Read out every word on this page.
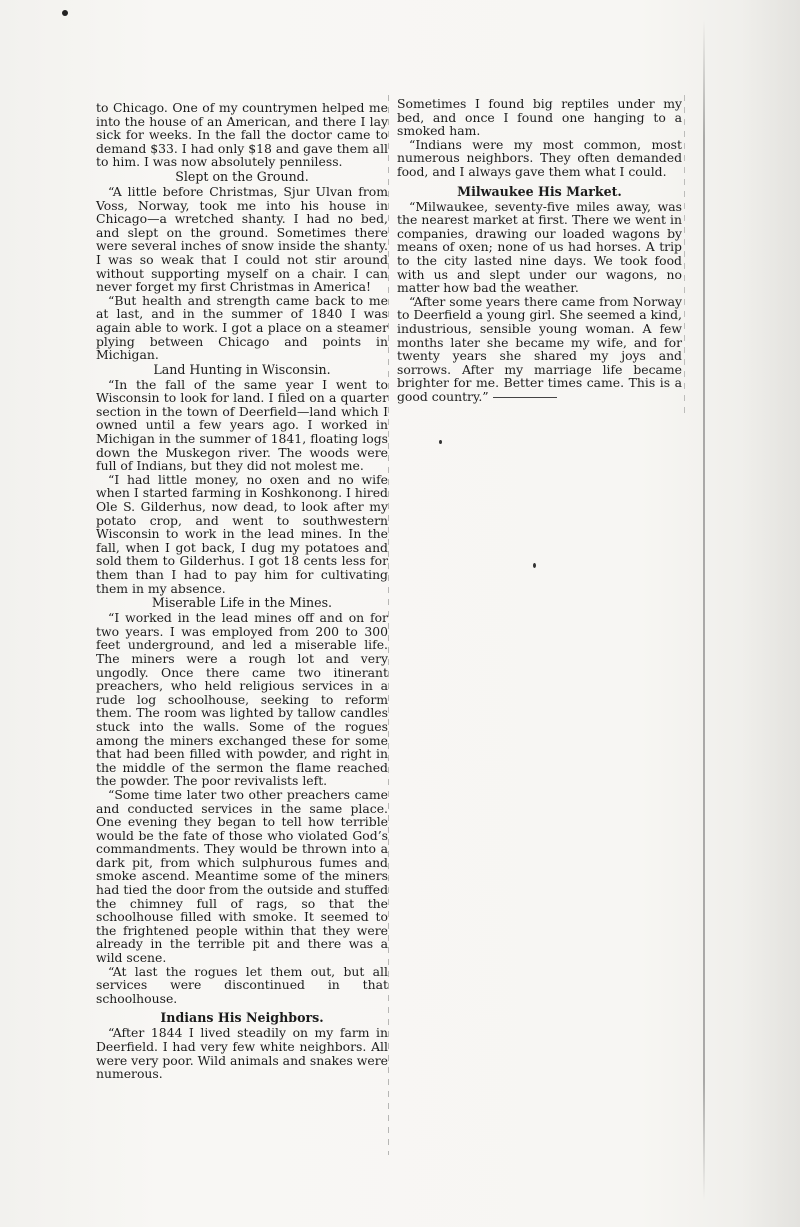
to Chicago. One of my countrymen helped me into the house of an American, and there I lay sick for weeks. In the fall the doctor came to demand $33. I had only $18 and gave them all to him. I was now absolutely penniless.

Slept on the Ground.

“A little before Christmas, Sjur Ulvan from Voss, Norway, took me into his house in Chicago—a wretched shanty. I had no bed, and slept on the ground. Sometimes there were several inches of snow inside the shanty. I was so weak that I could not stir around without supporting myself on a chair. I can never forget my first Christmas in America!

“But health and strength came back to me at last, and in the summer of 1840 I was again able to work. I got a place on a steamer plying between Chicago and points in Michigan.

Land Hunting in Wisconsin.

“In the fall of the same year I went to Wisconsin to look for land. I filed on a quarter section in the town of Deerfield—land which I owned until a few years ago. I worked in Michigan in the summer of 1841, floating logs down the Muskegon river. The woods were full of Indians, but they did not molest me.

“I had little money, no oxen and no wife when I started farming in Koshkonong. I hired Ole S. Gilderhus, now dead, to look after my potato crop, and went to southwestern Wisconsin to work in the lead mines. In the fall, when I got back, I dug my potatoes and sold them to Gilderhus. I got 18 cents less for them than I had to pay him for cultivating them in my absence.

Miserable Life in the Mines.

“I worked in the lead mines off and on for two years. I was employed from 200 to 300 feet underground, and led a miserable life. The miners were a rough lot and very ungodly. Once there came two itinerant preachers, who held religious services in a rude log schoolhouse, seeking to reform them. The room was lighted by tallow candles stuck into the walls. Some of the rogues among the miners exchanged these for some that had been filled with powder, and right in the middle of the sermon the flame reached the powder. The poor revivalists left.

“Some time later two other preachers came and conducted services in the same place. One evening they began to tell how terrible would be the fate of those who violated God’s commandments. They would be thrown into a dark pit, from which sulphurous fumes and smoke ascend. Meantime some of the miners had tied the door from the outside and stuffed the chimney full of rags, so that the schoolhouse filled with smoke. It seemed to the frightened people within that they were already in the terrible pit and there was a wild scene.

“At last the rogues let them out, but all services were discontinued in that schoolhouse.

Indians His Neighbors.

“After 1844 I lived steadily on my farm in Deerfield. I had very few white neighbors. All were very poor. Wild animals and snakes were numerous.

Sometimes I found big reptiles under my bed, and once I found one hanging to a smoked ham.

“Indians were my most common, most numerous neighbors. They often demanded food, and I always gave them what I could.

Milwaukee His Market.

“Milwaukee, seventy-five miles away, was the nearest market at first. There we went in companies, drawing our loaded wagons by means of oxen; none of us had horses. A trip to the city lasted nine days. We took food with us and slept under our wagons, no matter how bad the weather.

“After some years there came from Norway to Deerfield a young girl. She seemed a kind, industrious, sensible young woman. A few months later she became my wife, and for twenty years she shared my joys and sorrows. After my marriage life became brighter for me. Better times came. This is a good country.”
